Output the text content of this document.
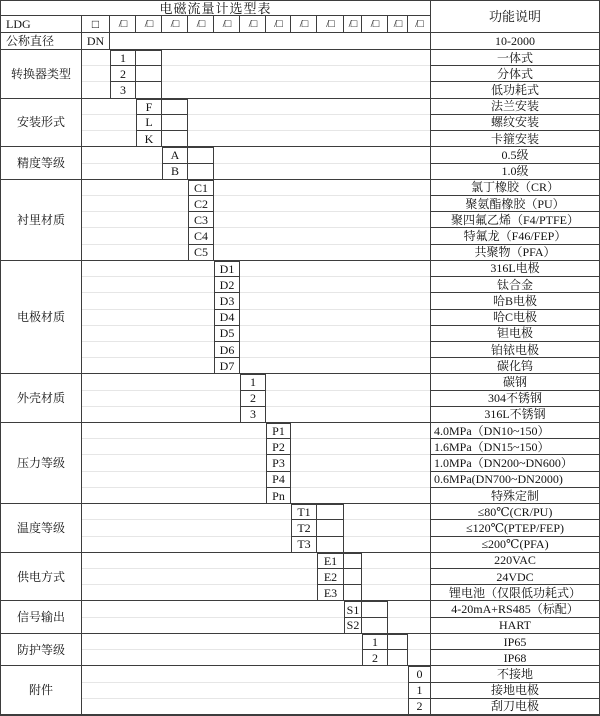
电磁流量计选型表
功能说明
LDG	□
公称直径	DN	10-2000
/□	/□	/□	/□	/□	/□	/□	/□	/□	/□	/□	/□	/□
转换器类型
1	一体式
2	分体式
3	低功耗式
安装形式
F	法兰安装
L	螺纹安装
K	卡箍安装
精度等级
A	0.5级
B	1.0级
衬里材质
C1	氯丁橡胶（CR）
C2	聚氨酯橡胶（PU）
C3	聚四氟乙烯（F4/PTFE）
C4	特氟龙（F46/FEP）
C5	共聚物（PFA）
电极材质
D1	316L电极
D2	钛合金
D3	哈B电极
D4	哈C电极
D5	钽电极
D6	铂铱电极
D7	碳化钨
外壳材质
1	碳钢
2	304不锈钢
3	316L不锈钢
压力等级
P1	4.0MPa（DN10~150）
P2	1.6MPa（DN15~150）
P3	1.0MPa（DN200~DN600）
P4	0.6MPa(DN700~DN2000)
Pn	特殊定制
温度等级
T1	≤80℃(CR/PU)
T2	≤120℃(PTEP/FEP)
T3	≤200℃(PFA)
供电方式
E1	220VAC
E2	24VDC
E3	锂电池（仅限低功耗式）
信号输出
S1	4-20mA+RS485（标配）
S2	HART
防护等级
1	IP65
2	IP68
附件
0	不接地
1	接地电极
2	刮刀电极
